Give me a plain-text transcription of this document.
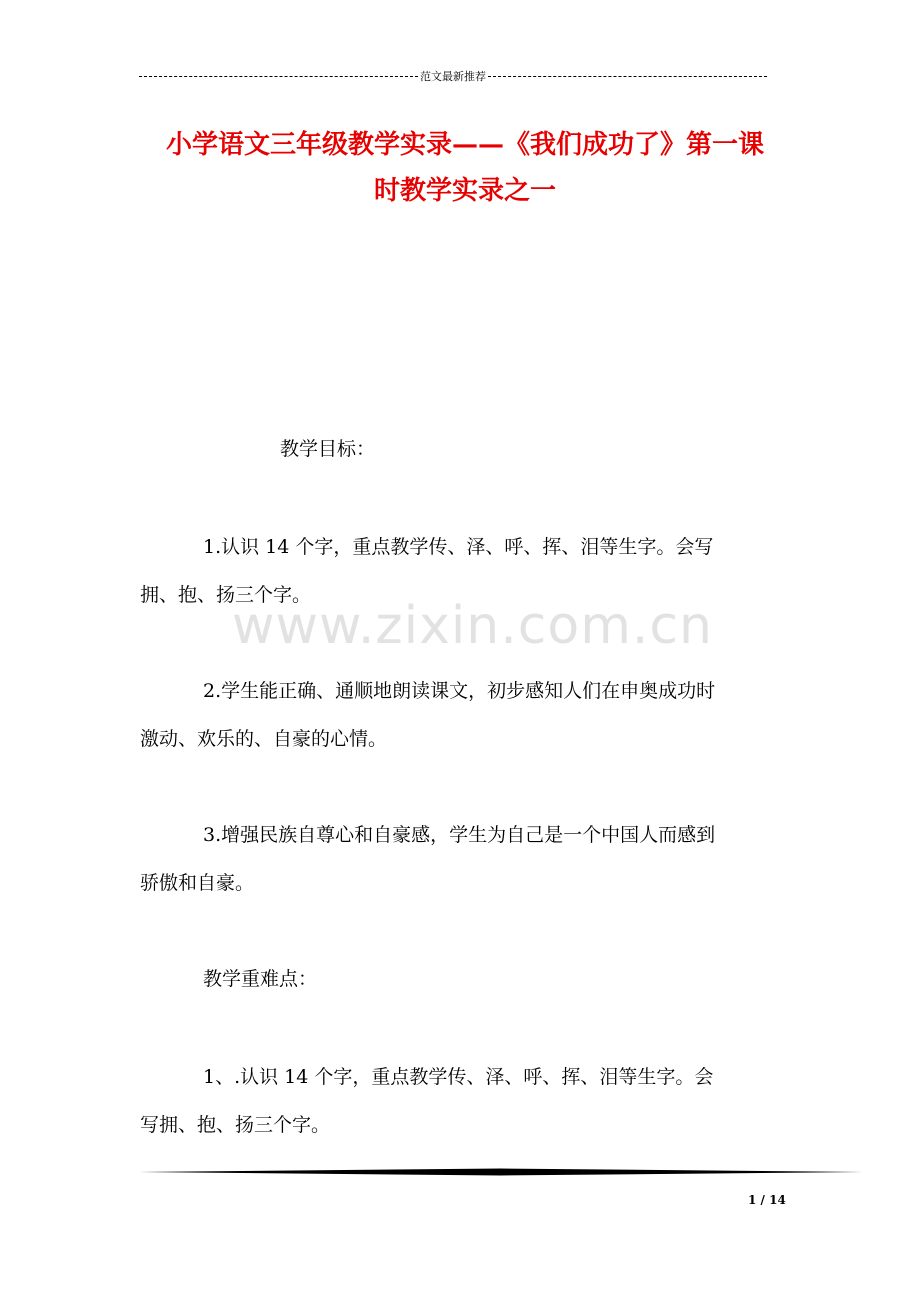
范文最新推荐
小学语文三年级教学实录——《我们成功了》第一课
时教学实录之一
教学目标：
1.认识 14 个字，重点教学传、泽、呼、挥、泪等生字。会写
拥、抱、扬三个字。
www.zixin.com.cn
2.学生能正确、通顺地朗读课文，初步感知人们在申奥成功时
激动、欢乐的、自豪的心情。
3.增强民族自尊心和自豪感，学生为自己是一个中国人而感到
骄傲和自豪。
教学重难点：
1、.认识 14 个字，重点教学传、泽、呼、挥、泪等生字。会
写拥、抱、扬三个字。
1 / 14
